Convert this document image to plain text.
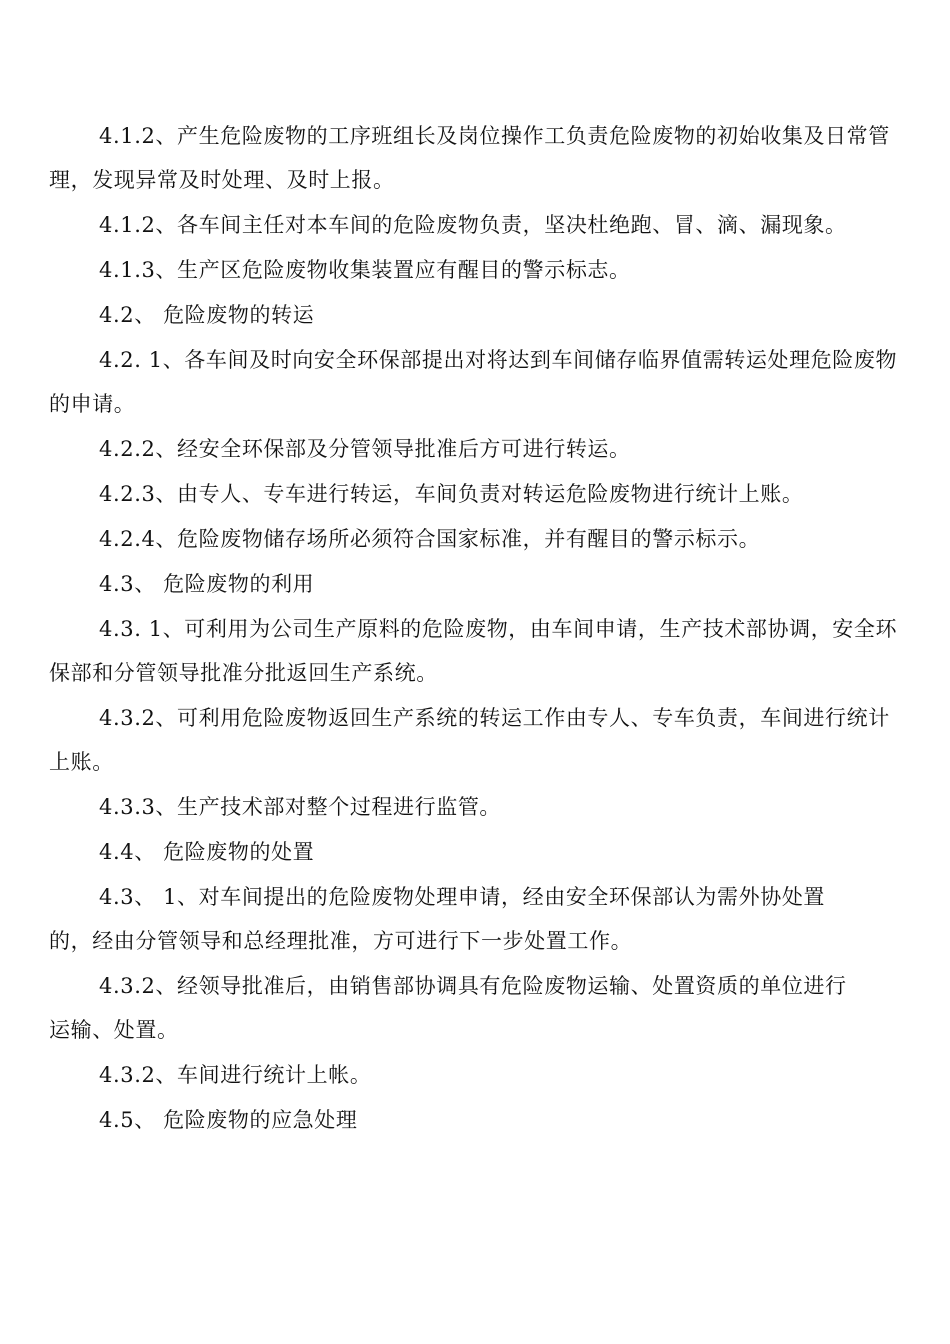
4.1.2、产生危险废物的工序班组长及岗位操作工负责危险废物的初始收集及日常管理，发现异常及时处理、及时上报。

4.1.2、各车间主任对本车间的危险废物负责，坚决杜绝跑、冒、滴、漏现象。

4.1.3、生产区危险废物收集装置应有醒目的警示标志。

4.2、 危险废物的转运

4.2. 1、各车间及时向安全环保部提出对将达到车间储存临界值需转运处理危险废物的申请。

4.2.2、经安全环保部及分管领导批准后方可进行转运。

4.2.3、由专人、专车进行转运，车间负责对转运危险废物进行统计上账。

4.2.4、危险废物储存场所必须符合国家标准，并有醒目的警示标示。

4.3、 危险废物的利用

4.3. 1、可利用为公司生产原料的危险废物，由车间申请，生产技术部协调，安全环保部和分管领导批准分批返回生产系统。

4.3.2、可利用危险废物返回生产系统的转运工作由专人、专车负责，车间进行统计上账。

4.3.3、生产技术部对整个过程进行监管。

4.4、 危险废物的处置

4.3、 1、对车间提出的危险废物处理申请，经由安全环保部认为需外协处置的，经由分管领导和总经理批准，方可进行下一步处置工作。

4.3.2、经领导批准后，由销售部协调具有危险废物运输、处置资质的单位进行运输、处置。

4.3.2、车间进行统计上帐。

4.5、 危险废物的应急处理
